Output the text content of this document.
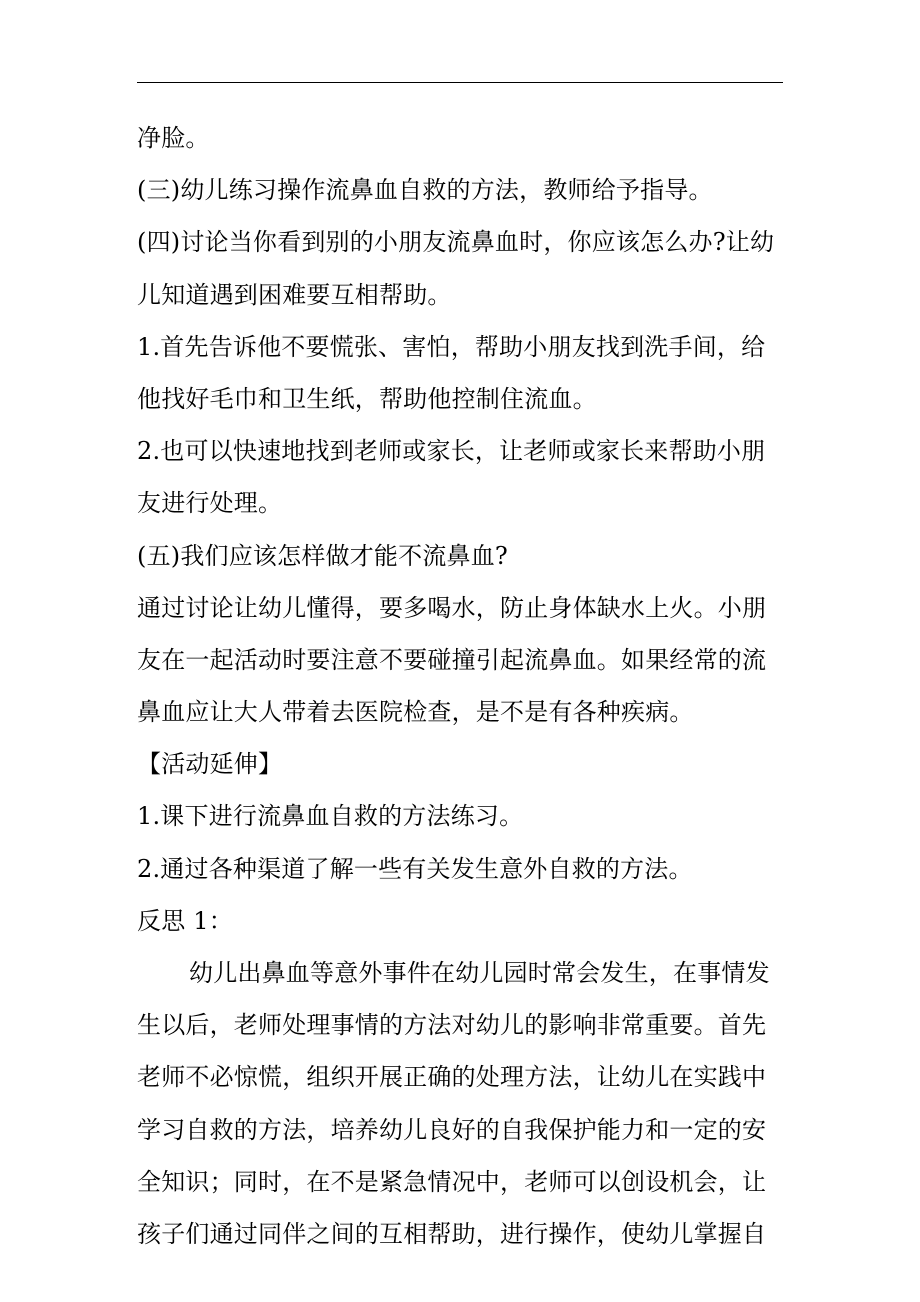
净脸。
(三)幼儿练习操作流鼻血自救的方法，教师给予指导。
(四)讨论当你看到别的小朋友流鼻血时，你应该怎么办?让幼
儿知道遇到困难要互相帮助。
1.首先告诉他不要慌张、害怕，帮助小朋友找到洗手间，给
他找好毛巾和卫生纸，帮助他控制住流血。
2.也可以快速地找到老师或家长，让老师或家长来帮助小朋
友进行处理。
(五)我们应该怎样做才能不流鼻血?
通过讨论让幼儿懂得，要多喝水，防止身体缺水上火。小朋
友在一起活动时要注意不要碰撞引起流鼻血。如果经常的流
鼻血应让大人带着去医院检查，是不是有各种疾病。
【活动延伸】
1.课下进行流鼻血自救的方法练习。
2.通过各种渠道了解一些有关发生意外自救的方法。
反思 1：
幼儿出鼻血等意外事件在幼儿园时常会发生，在事情发
生以后，老师处理事情的方法对幼儿的影响非常重要。首先
老师不必惊慌，组织开展正确的处理方法，让幼儿在实践中
学习自救的方法，培养幼儿良好的自我保护能力和一定的安
全知识；同时，在不是紧急情况中，老师可以创设机会，让
孩子们通过同伴之间的互相帮助，进行操作，使幼儿掌握自
